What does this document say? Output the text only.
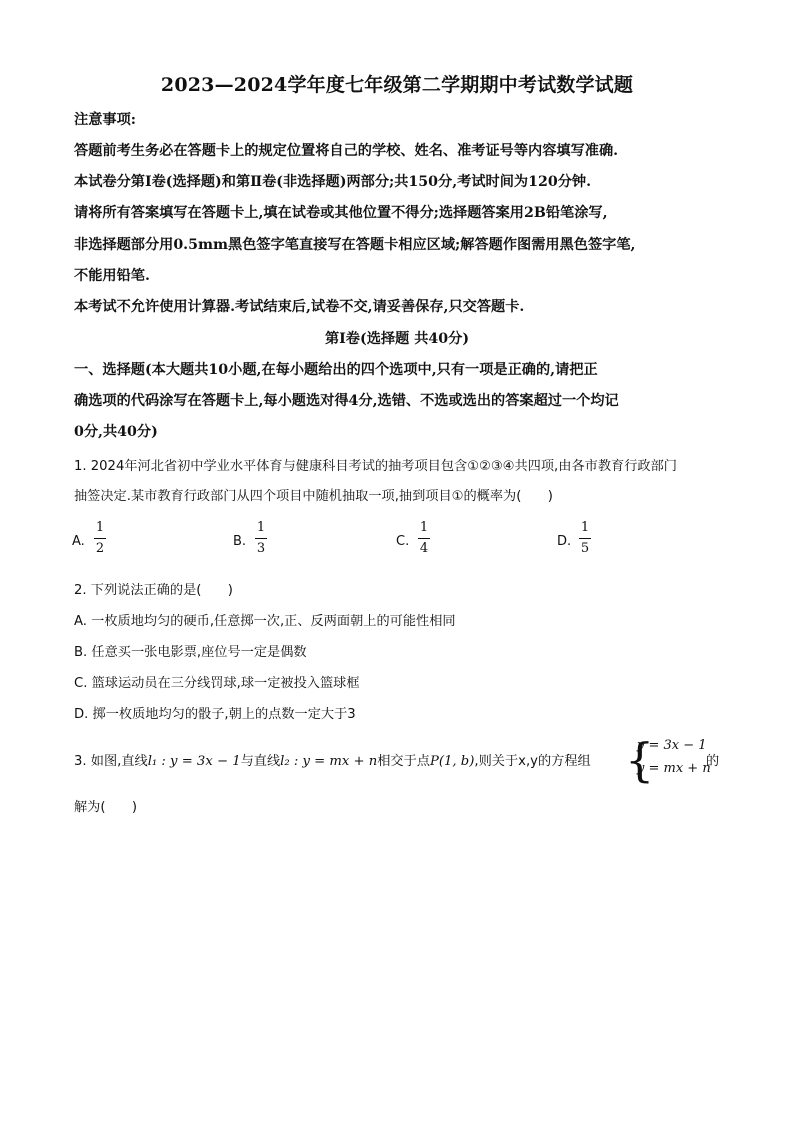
2023—2024学年度七年级第二学期期中考试数学试题
注意事项:
答题前考生务必在答题卡上的规定位置将自己的学校、姓名、准考证号等内容填写准确.
本试卷分第Ⅰ卷(选择题)和第Ⅱ卷(非选择题)两部分;共150分,考试时间为120分钟.
请将所有答案填写在答题卡上,填在试卷或其他位置不得分;选择题答案用2B铅笔涂写,
非选择题部分用0.5mm黑色签字笔直接写在答题卡相应区域;解答题作图需用黑色签字笔,
不能用铅笔.
本考试不允许使用计算器.考试结束后,试卷不交,请妥善保存,只交答题卡.
第Ⅰ卷(选择题 共40分)
一、选择题(本大题共10小题,在每小题给出的四个选项中,只有一项是正确的,请把正
确选项的代码涂写在答题卡上,每小题选对得4分,选错、不选或选出的答案超过一个均记
0分,共40分)
1. 2024年河北省初中学业水平体育与健康科目考试的抽考项目包含①②③④共四项,由各市教育行政部门
抽签决定.某市教育行政部门从四个项目中随机抽取一项,抽到项目①的概率为(　　)
A.
1
2	B.
1
3	C.
1
4	D.
1
5
2. 下列说法正确的是(　　)
A. 一枚质地均匀的硬币,任意掷一次,正、反两面朝上的可能性相同
B. 任意买一张电影票,座位号一定是偶数
C. 篮球运动员在三分线罚球,球一定被投入篮球框
D. 掷一枚质地均匀的骰子,朝上的点数一定大于3
3. 如图,直线l₁ : y = 3x − 1与直线l₂ : y = mx + n相交于点P(1, b),则关于x,y的方程组 {
y = 3x − 1
y = mx + n
的
解为(　　)
